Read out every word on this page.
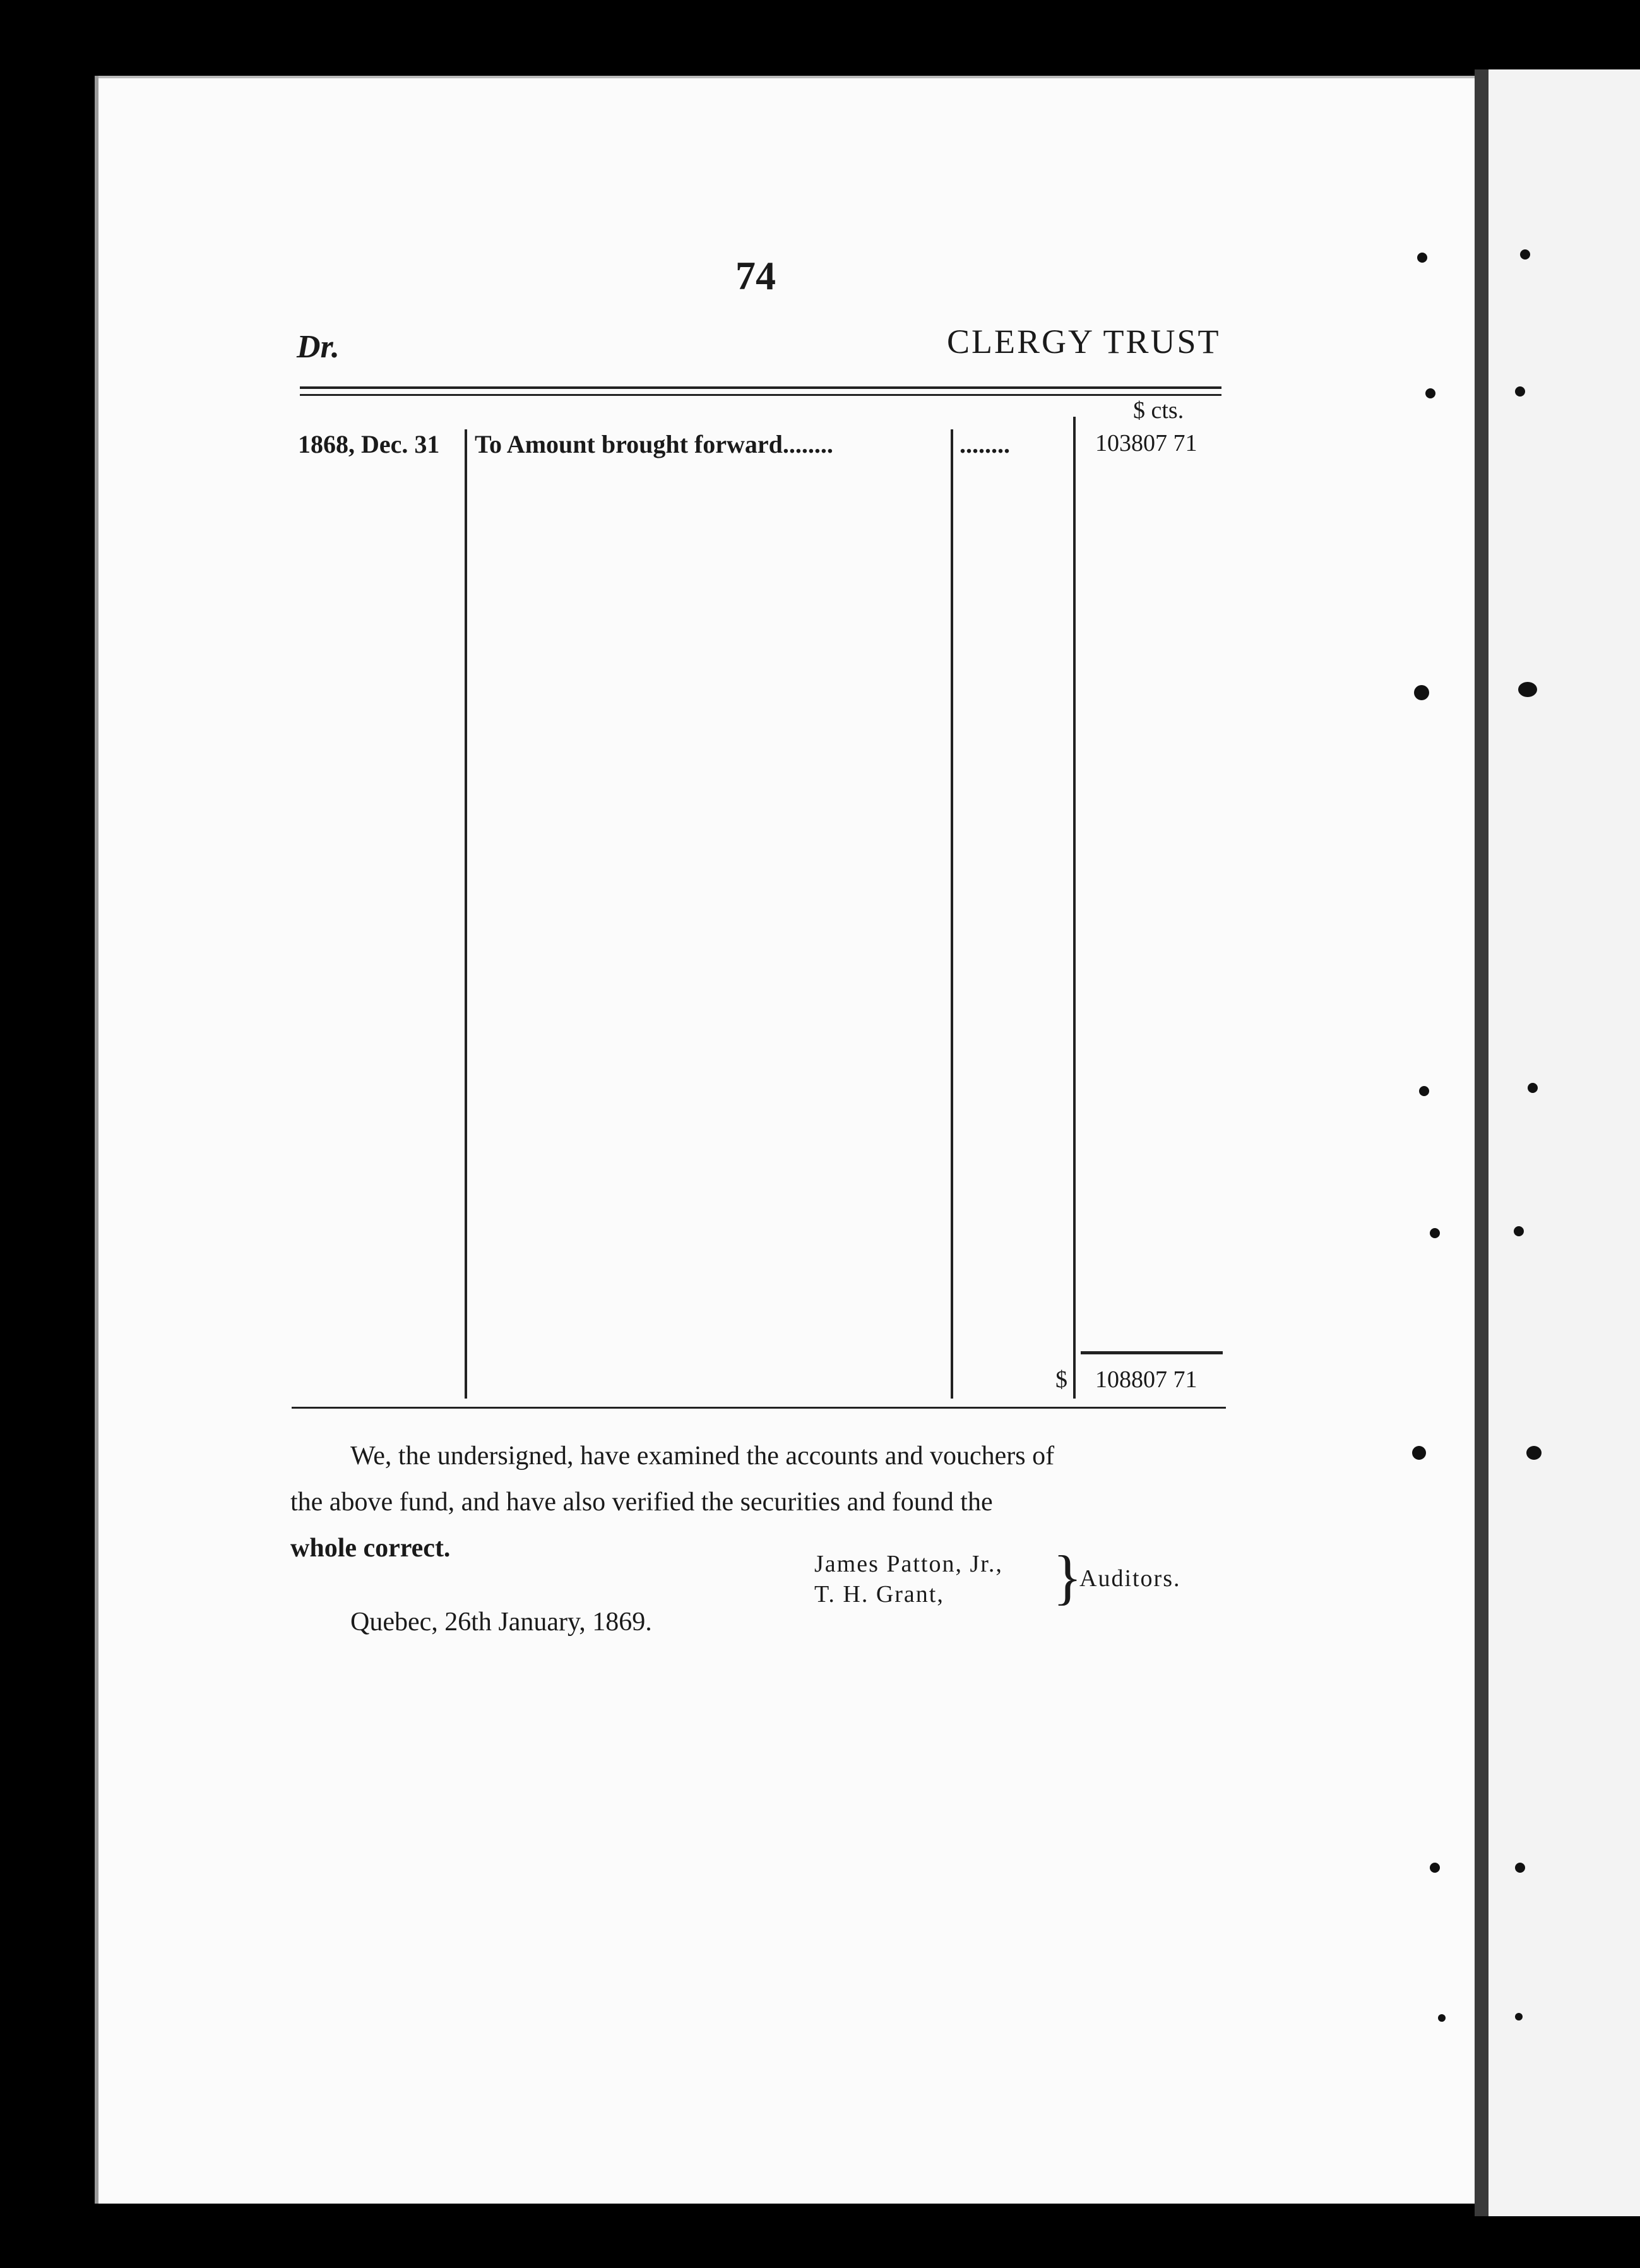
74
Dr.	CLERGY TRUST
$ cts.
1868, Dec. 31 To Amount brought forward........	........	103807 71
$ 108807 71
We, the undersigned, have examined the accounts and vouchers of
the above fund, and have also verified the securities and found the
whole correct.
James Patton, Jr.,
T. H. Grant, }
Auditors.
Quebec, 26th January, 1869.
